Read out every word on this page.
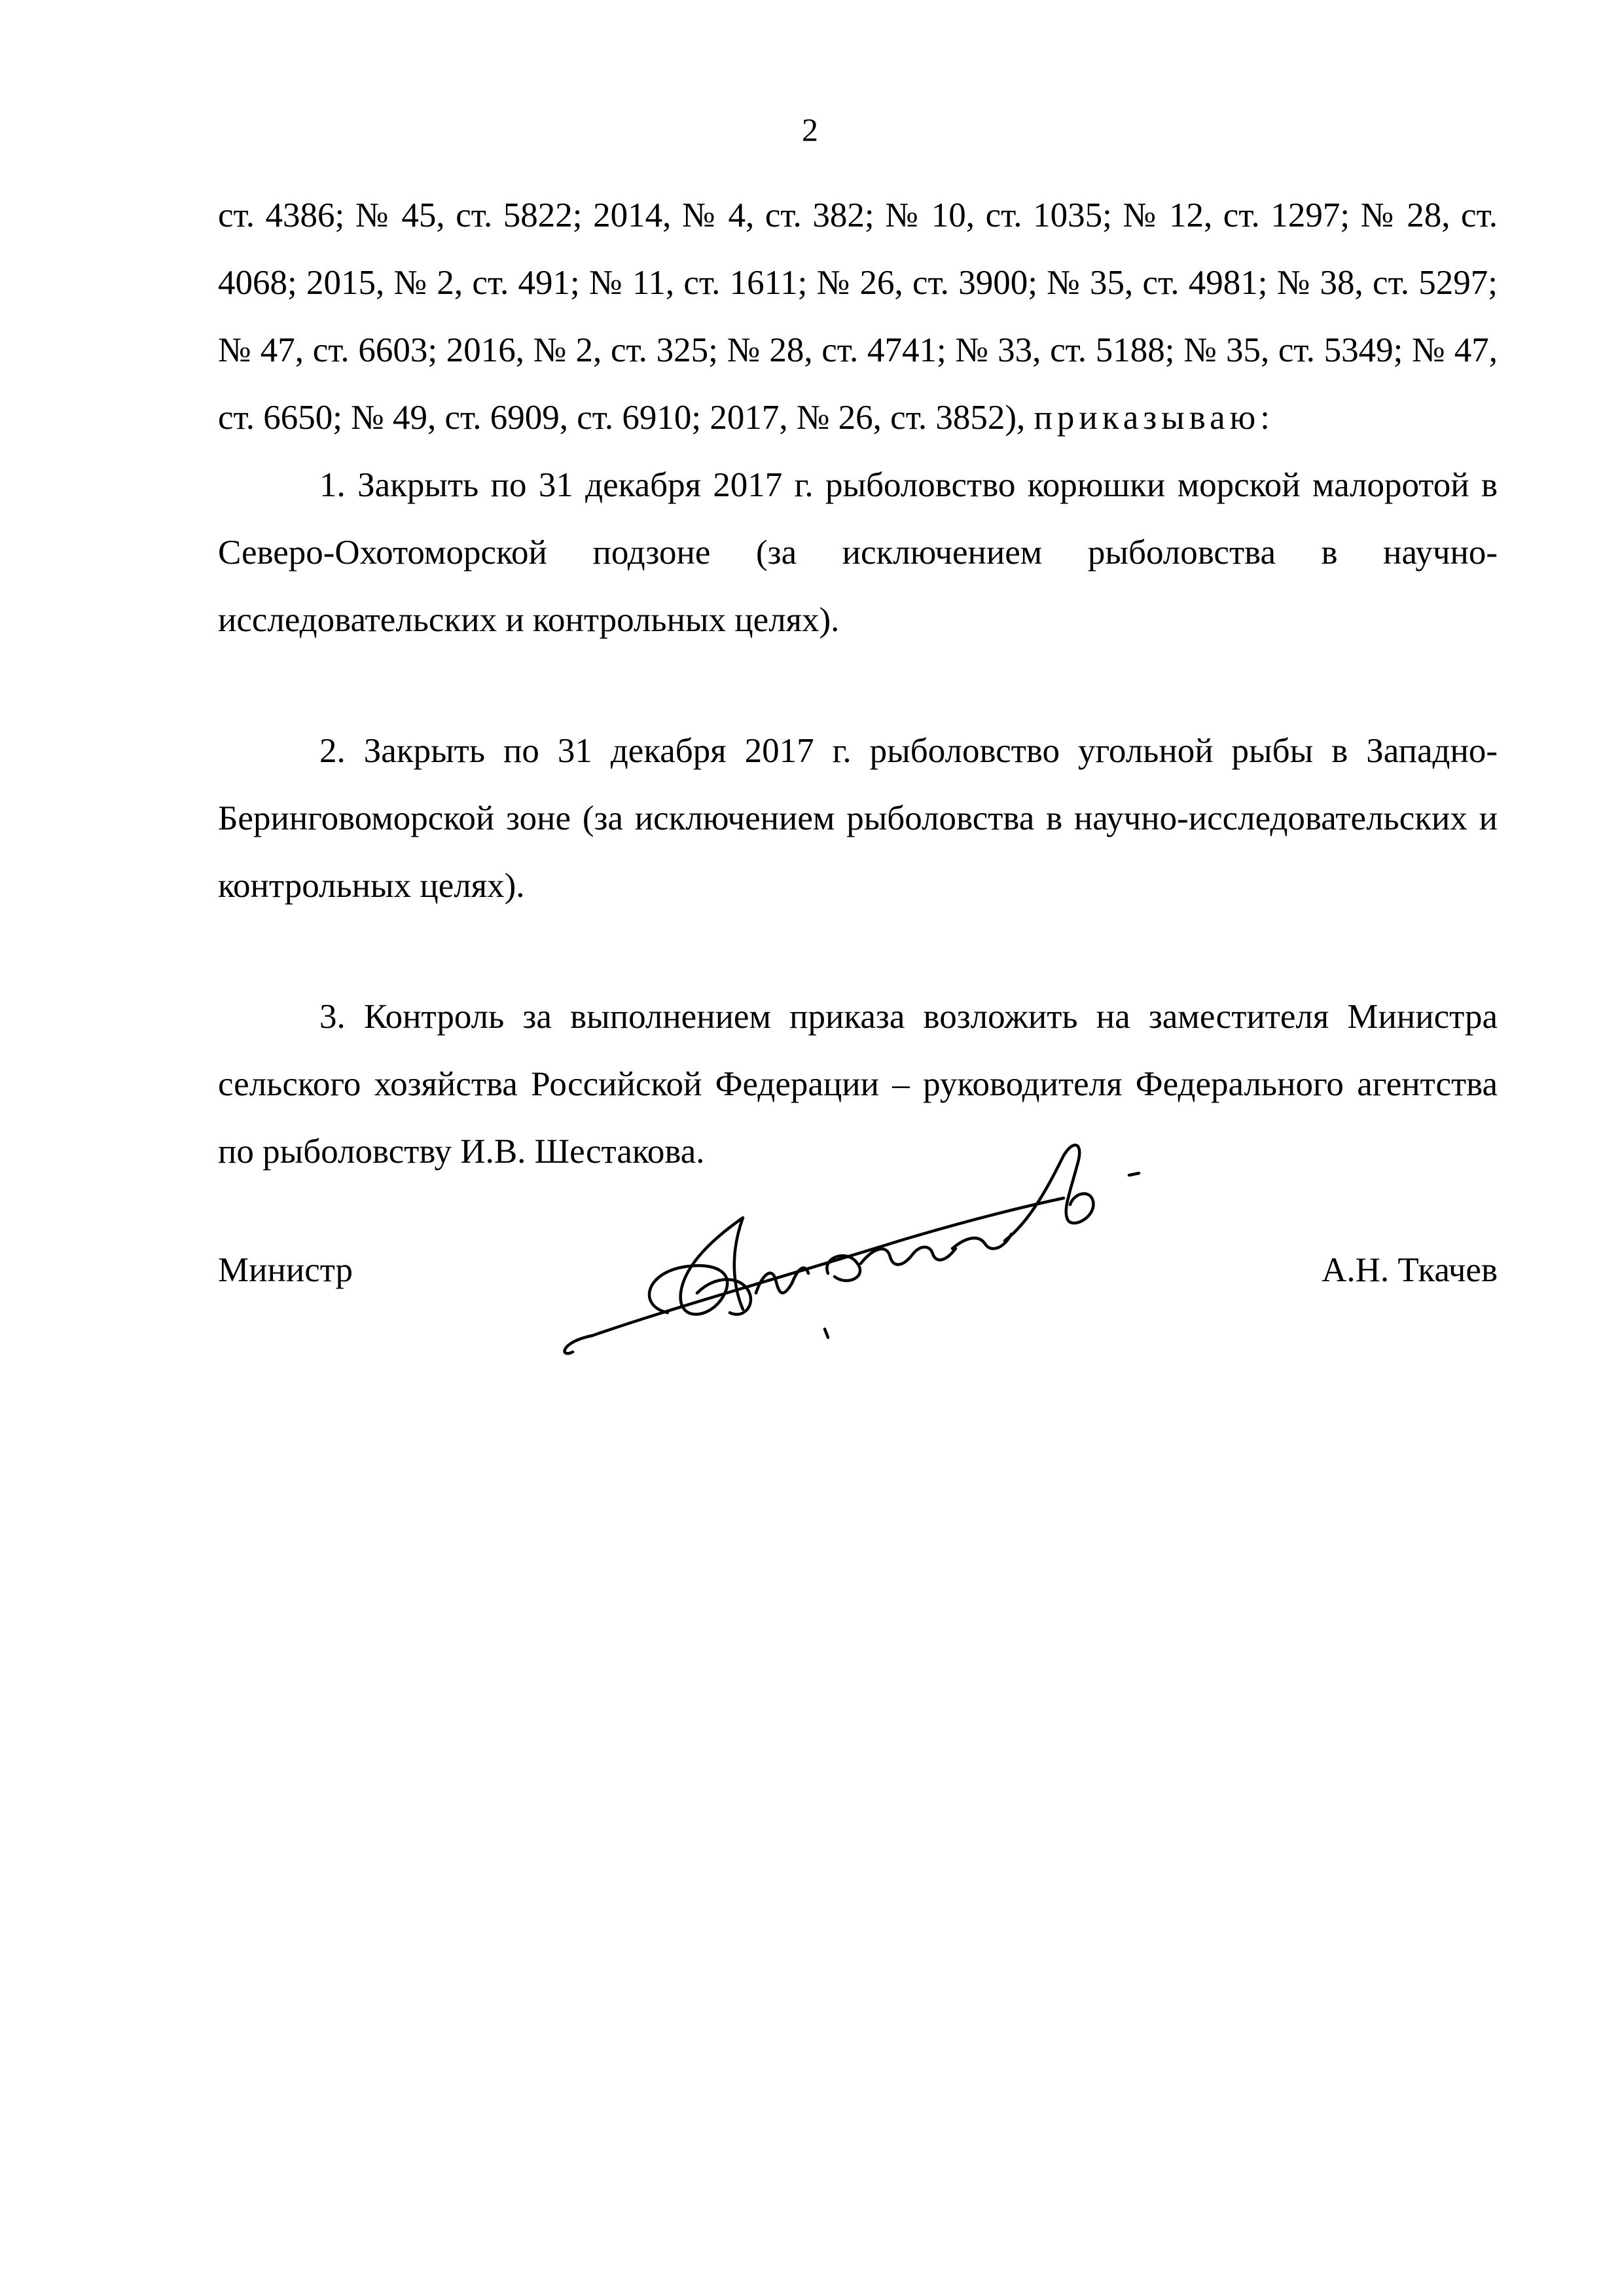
2

ст. 4386; № 45, ст. 5822; 2014, № 4, ст. 382; № 10, ст. 1035; № 12, ст. 1297; № 28, ст. 4068; 2015, № 2, ст. 491; № 11, ст. 1611; № 26, ст. 3900; № 35, ст. 4981; № 38, ст. 5297; № 47, ст. 6603; 2016, № 2, ст. 325; № 28, ст. 4741; № 33, ст. 5188; № 35, ст. 5349; № 47, ст. 6650; № 49, ст. 6909, ст. 6910; 2017, № 26, ст. 3852), приказываю:

1. Закрыть по 31 декабря 2017 г. рыболовство корюшки морской малоротой в Северо-Охотоморской подзоне (за исключением рыболовства в научно-исследовательских и контрольных целях).

2. Закрыть по 31 декабря 2017 г. рыболовство угольной рыбы в Западно-Беринговоморской зоне (за исключением рыболовства в научно-исследовательских и контрольных целях).

3. Контроль за выполнением приказа возложить на заместителя Министра сельского хозяйства Российской Федерации – руководителя Федерального агентства по рыболовству И.В. Шестакова.

Министр	А.Н. Ткачев
